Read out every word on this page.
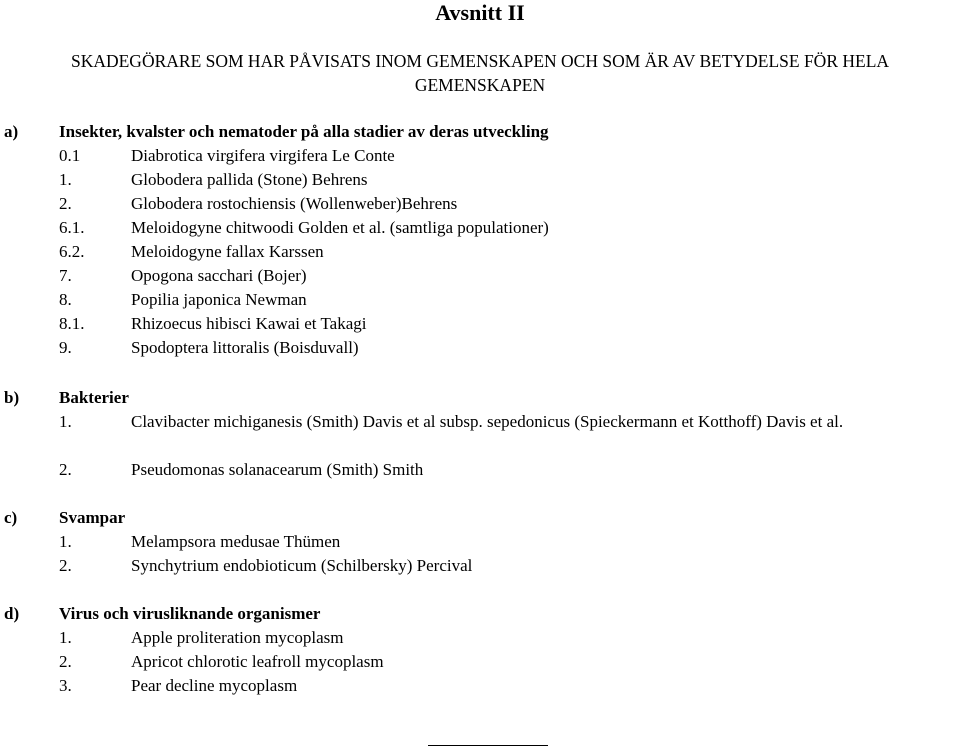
Avsnitt II
SKADEGÖRARE SOM HAR PÅVISATS INOM GEMENSKAPEN OCH SOM ÄR AV BETYDELSE FÖR HELA
GEMENSKAPEN
a) Insekter, kvalster och nematoder på alla stadier av deras utveckling
0.1	Diabrotica virgifera virgifera Le Conte
1.	Globodera pallida (Stone) Behrens
2.	Globodera rostochiensis (Wollenweber)Behrens
6.1.	Meloidogyne chitwoodi Golden et al. (samtliga populationer)
6.2.	Meloidogyne fallax Karssen
7.	Opogona sacchari (Bojer)
8.	Popilia japonica Newman
8.1.	Rhizoecus hibisci Kawai et Takagi
9.	Spodoptera littoralis (Boisduvall)
b) Bakterier
1.	Clavibacter michiganesis (Smith) Davis et al subsp. sepedonicus (Spieckermann et Kotthoff) Davis et al.
2.	Pseudomonas solanacearum (Smith) Smith
c) Svampar
1.	Melampsora medusae Thümen
2.	Synchytrium endobioticum (Schilbersky) Percival
d) Virus och virusliknande organismer
1.	Apple proliteration mycoplasm
2.	Apricot chlorotic leafroll mycoplasm
3.	Pear decline mycoplasm
